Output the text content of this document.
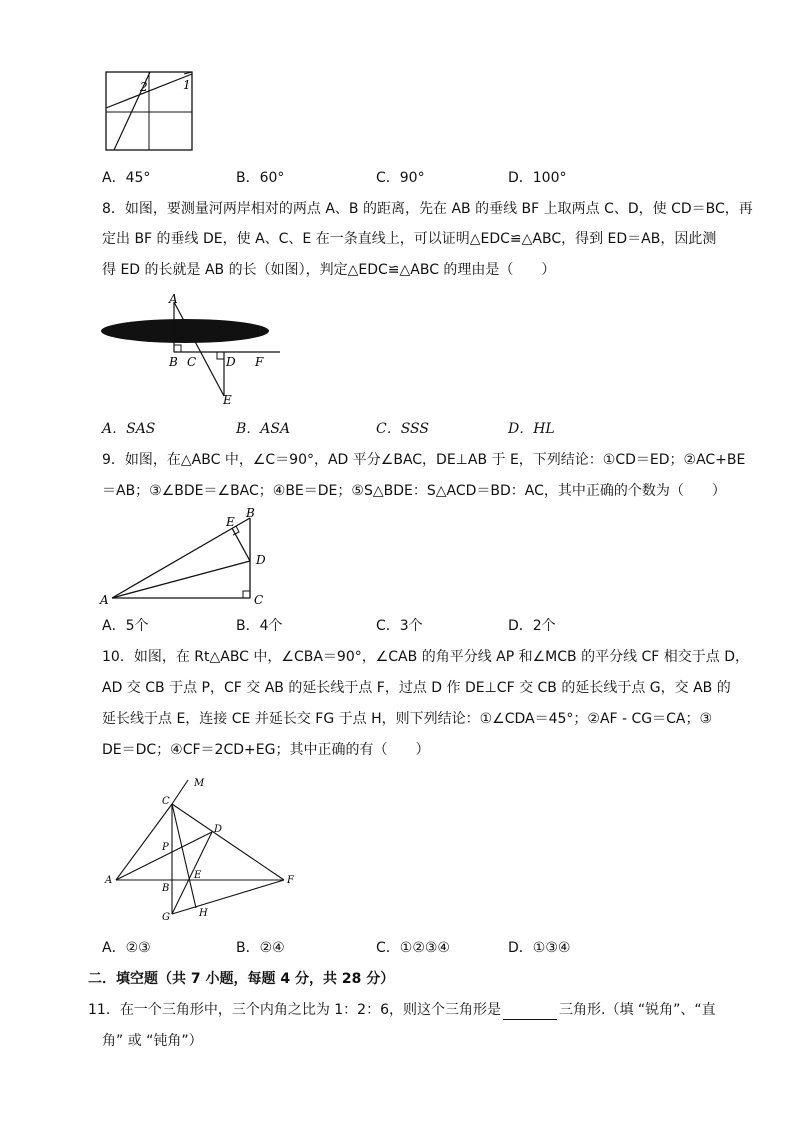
1
2
A．45°	B．60°	C．90°	D．100°
8．如图，要测量河两岸相对的两点 A、B 的距离，先在 AB 的垂线 BF 上取两点 C、D，使 CD＝BC，再
定出 BF 的垂线 DE，使 A、C、E 在一条直线上，可以证明△EDC≌△ABC，得到 ED＝AB，因此测
得 ED 的长就是 AB 的长（如图），判定△EDC≌△ABC 的理由是（　　）
A
B C D F
E
A．SAS	B．ASA	C．SSS	D．HL
9．如图，在△ABC 中，∠C＝90°，AD 平分∠BAC，DE⊥AB 于 E，下列结论：①CD＝ED；②AC+BE
＝AB；③∠BDE＝∠BAC；④BE＝DE；⑤S△BDE：S△ACD＝BD：AC，其中正确的个数为（　　）
A
B
C
D
E
A．5个	B．4个	C．3个	D．2个
10．如图，在 Rt△ABC 中，∠CBA＝90°，∠CAB 的角平分线 AP 和∠MCB 的平分线 CF 相交于点 D，
AD 交 CB 于点 P，CF 交 AB 的延长线于点 F，过点 D 作 DE⊥CF 交 CB 的延长线于点 G，交 AB 的
延长线于点 E，连接 CE 并延长交 FG 于点 H，则下列结论：①∠CDA＝45°；②AF - CG＝CA；③
DE＝DC；④CF＝2CD+EG；其中正确的有（　　）
M
C
D
P
A
B
E	F
G	H
A．②③	B．②④	C．①②③④	D．①③④
二．填空题（共 7 小题，每题 4 分，共 28 分）
11．在一个三角形中，三个内角之比为 1：2：6，则这个三角形是	三角形.（填 “锐角”、“直
角” 或 “钝角”）
